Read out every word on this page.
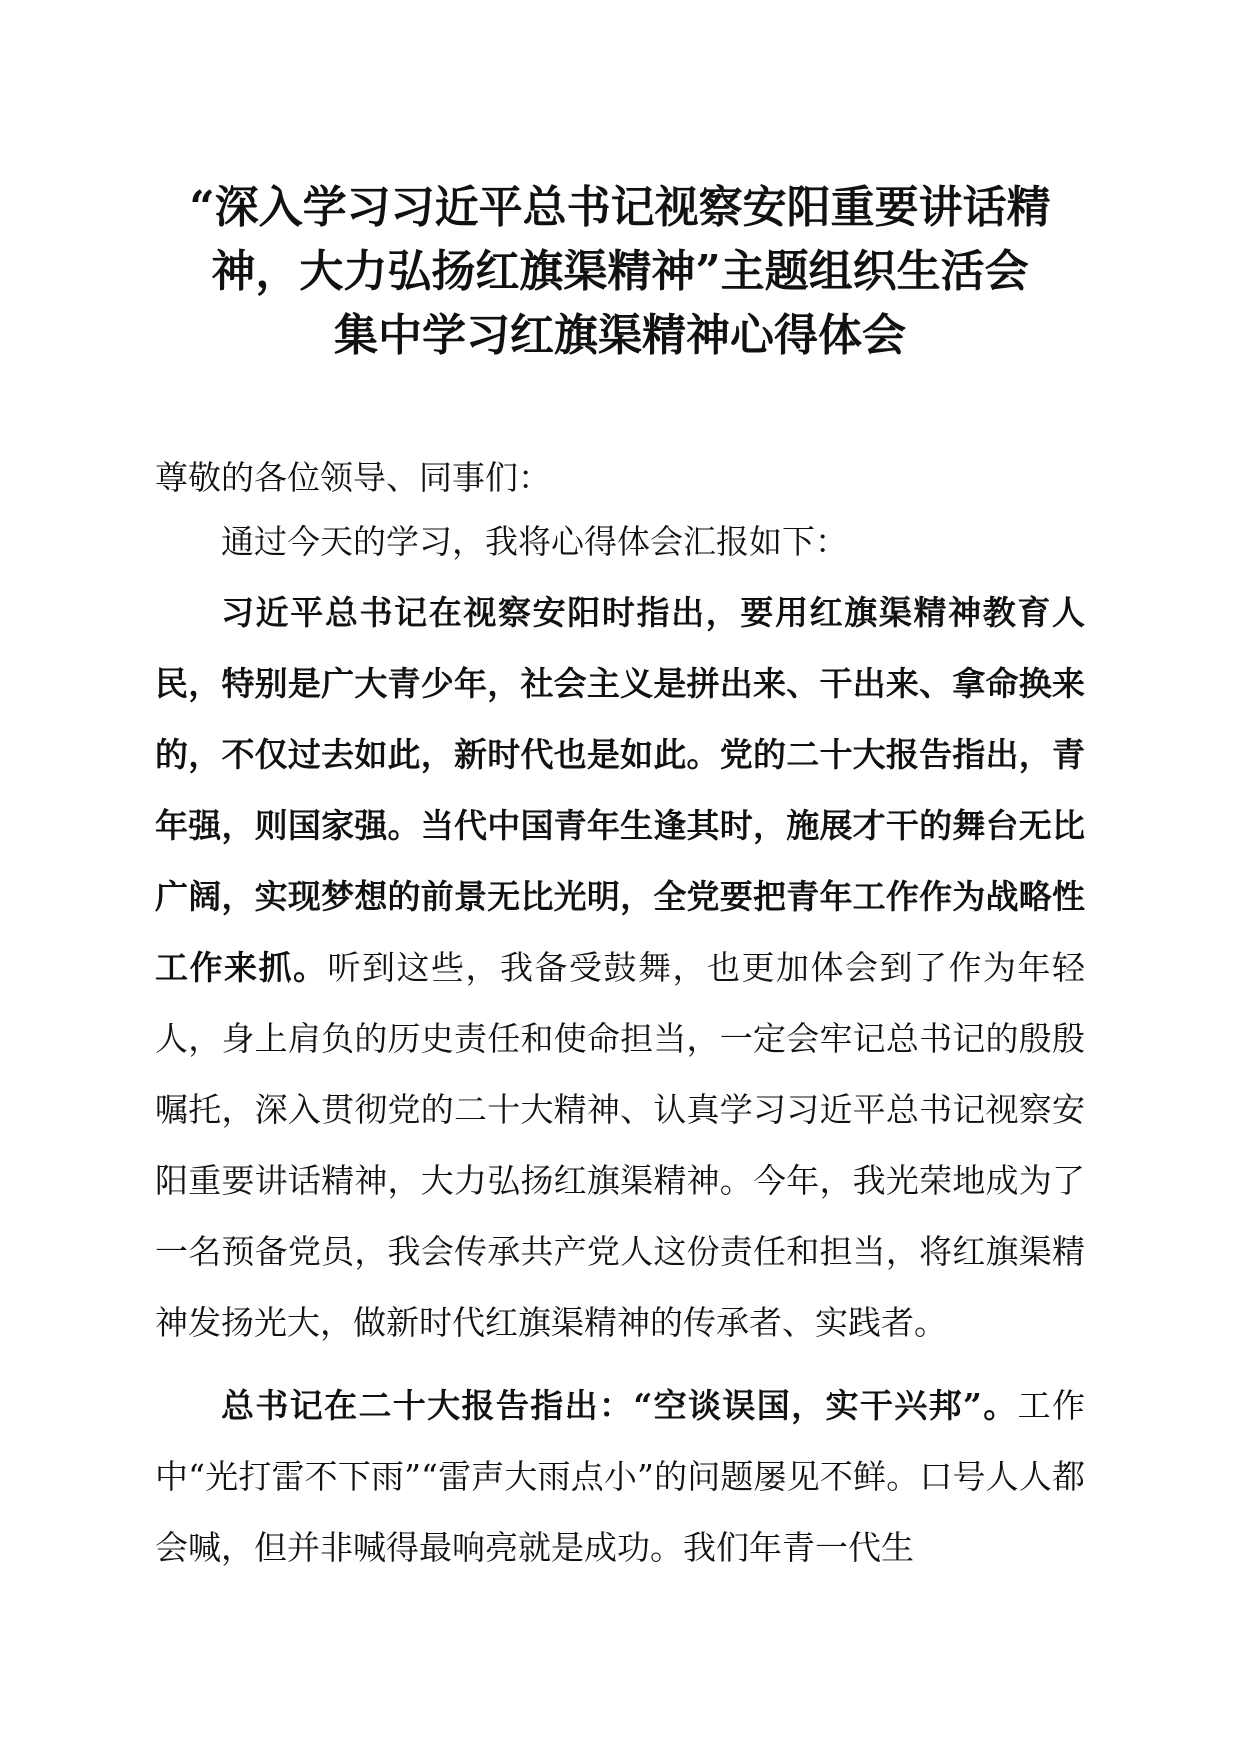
“深入学习习近平总书记视察安阳重要讲话精
神，大力弘扬红旗渠精神”主题组织生活会
集中学习红旗渠精神心得体会

尊敬的各位领导、同事们：

通过今天的学习，我将心得体会汇报如下：

习近平总书记在视察安阳时指出，要用红旗渠精神教育人民，特别是广大青少年，社会主义是拼出来、干出来、拿命换来的，不仅过去如此，新时代也是如此。党的二十大报告指出，青年强，则国家强。当代中国青年生逢其时，施展才干的舞台无比广阔，实现梦想的前景无比光明，全党要把青年工作作为战略性工作来抓。听到这些，我备受鼓舞，也更加体会到了作为年轻人，身上肩负的历史责任和使命担当，一定会牢记总书记的殷殷嘱托，深入贯彻党的二十大精神、认真学习习近平总书记视察安阳重要讲话精神，大力弘扬红旗渠精神。今年，我光荣地成为了一名预备党员，我会传承共产党人这份责任和担当，将红旗渠精神发扬光大，做新时代红旗渠精神的传承者、实践者。

总书记在二十大报告指出：“空谈误国，实干兴邦”。工作中“光打雷不下雨”“雷声大雨点小”的问题屡见不鲜。口号人人都会喊，但并非喊得最响亮就是成功。我们年青一代生
